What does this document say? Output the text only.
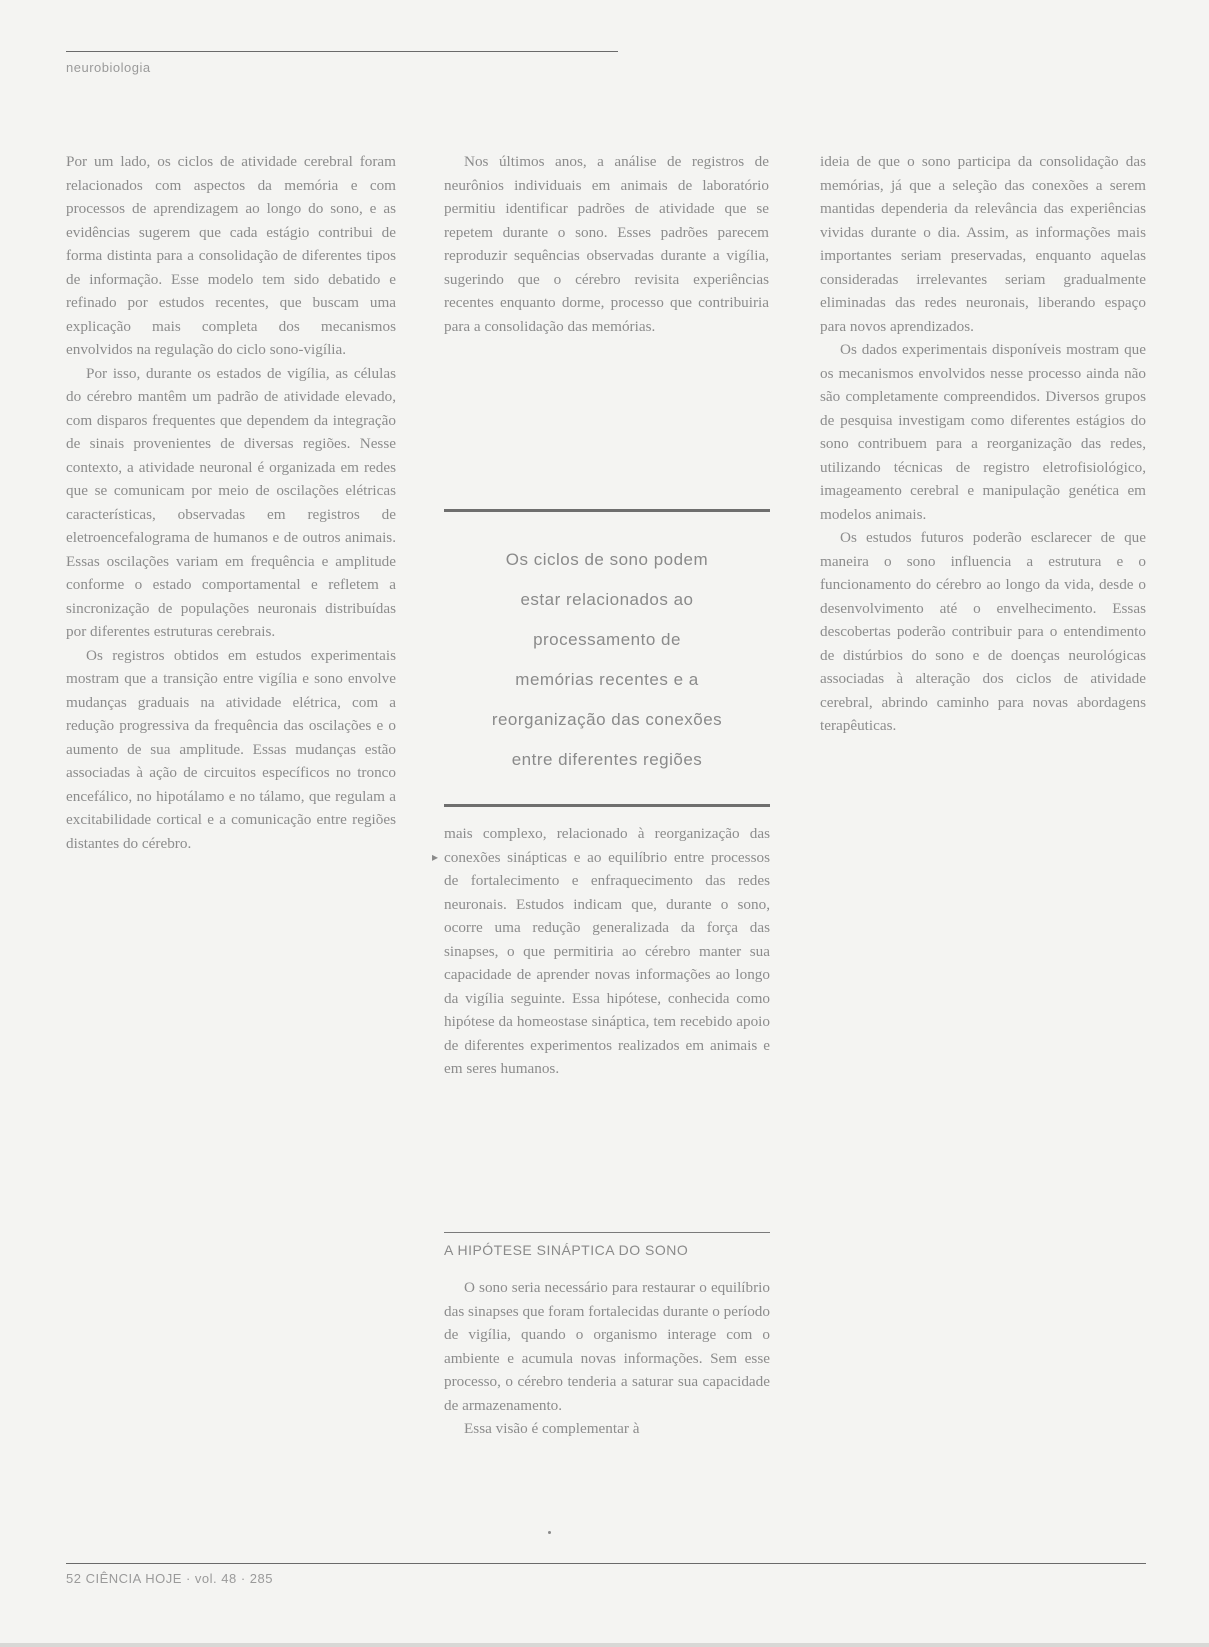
neurobiologia

Por um lado, os ciclos de atividade cerebral foram relacionados com aspectos da memória e com processos de aprendizagem ao longo do sono, e as evidências sugerem que cada estágio contribui de forma distinta para a consolidação de diferentes tipos de informação. Esse modelo tem sido debatido e refinado por estudos recentes, que buscam uma explicação mais completa dos mecanismos envolvidos na regulação do ciclo sono-vigília.

Por isso, durante os estados de vigília, as células do cérebro mantêm um padrão de atividade elevado, com disparos frequentes que dependem da integração de sinais provenientes de diversas regiões. Nesse contexto, a atividade neuronal é organizada em redes que se comunicam por meio de oscilações elétricas características, observadas em registros de eletroencefalograma de humanos e de outros animais. Essas oscilações variam em frequência e amplitude conforme o estado comportamental e refletem a sincronização de populações neuronais distribuídas por diferentes estruturas cerebrais.

Os registros obtidos em estudos experimentais mostram que a transição entre vigília e sono envolve mudanças graduais na atividade elétrica, com a redução progressiva da frequência das oscilações e o aumento de sua amplitude. Essas mudanças estão associadas à ação de circuitos específicos no tronco encefálico, no hipotálamo e no tálamo, que regulam a excitabilidade cortical e a comunicação entre regiões distantes do cérebro.

Nos últimos anos, a análise de registros de neurônios individuais em animais de laboratório permitiu identificar padrões de atividade que se repetem durante o sono. Esses padrões parecem reproduzir sequências observadas durante a vigília, sugerindo que o cérebro revisita experiências recentes enquanto dorme, processo que contribuiria para a consolidação das memórias.

Os ciclos de sono podem
estar relacionados ao
processamento de
memórias recentes e a
reorganização das conexões
entre diferentes regiões
▸

mais complexo, relacionado à reorganização das conexões sinápticas e ao equilíbrio entre processos de fortalecimento e enfraquecimento das redes neuronais. Estudos indicam que, durante o sono, ocorre uma redução generalizada da força das sinapses, o que permitiria ao cérebro manter sua capacidade de aprender novas informações ao longo da vigília seguinte. Essa hipótese, conhecida como hipótese da homeostase sináptica, tem recebido apoio de diferentes experimentos realizados em animais e em seres humanos.

A HIPÓTESE SINÁPTICA DO SONO

O sono seria necessário para restaurar o equilíbrio das sinapses que foram fortalecidas durante o período de vigília, quando o organismo interage com o ambiente e acumula novas informações. Sem esse processo, o cérebro tenderia a saturar sua capacidade de armazenamento.

Essa visão é complementar à

ideia de que o sono participa da consolidação das memórias, já que a seleção das conexões a serem mantidas dependeria da relevância das experiências vividas durante o dia. Assim, as informações mais importantes seriam preservadas, enquanto aquelas consideradas irrelevantes seriam gradualmente eliminadas das redes neuronais, liberando espaço para novos aprendizados.

Os dados experimentais disponíveis mostram que os mecanismos envolvidos nesse processo ainda não são completamente compreendidos. Diversos grupos de pesquisa investigam como diferentes estágios do sono contribuem para a reorganização das redes, utilizando técnicas de registro eletrofisiológico, imageamento cerebral e manipulação genética em modelos animais.

Os estudos futuros poderão esclarecer de que maneira o sono influencia a estrutura e o funcionamento do cérebro ao longo da vida, desde o desenvolvimento até o envelhecimento. Essas descobertas poderão contribuir para o entendimento de distúrbios do sono e de doenças neurológicas associadas à alteração dos ciclos de atividade cerebral, abrindo caminho para novas abordagens terapêuticas.

52 CIÊNCIA HOJE · vol. 48 · 285
